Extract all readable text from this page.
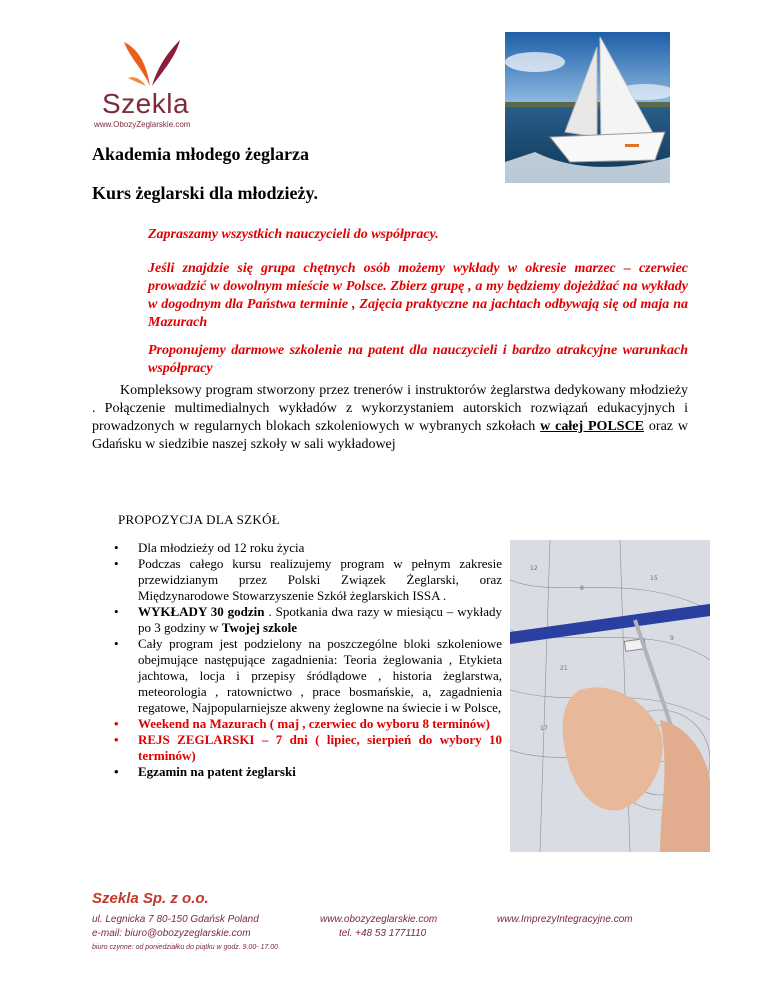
Szekla
www.ObozyZeglarskie.com
Akademia młodego żeglarza
Kurs żeglarski dla młodzieży.
Zapraszamy wszystkich nauczycieli do współpracy.
Jeśli znajdzie się grupa chętnych osób możemy wykłady w okresie marzec – czerwiec prowadzić w dowolnym mieście w Polsce. Zbierz grupę , a my będziemy dojeżdżać na wykłady w dogodnym dla Państwa terminie , Zajęcia praktyczne na jachtach odbywają się od maja na Mazurach
Proponujemy darmowe szkolenie na patent dla nauczycieli i bardzo atrakcyjne warunkach współpracy
Kompleksowy program stworzony przez trenerów i instruktorów żeglarstwa dedykowany młodzieży . Połączenie multimedialnych wykładów z wykorzystaniem autorskich rozwiązań edukacyjnych i prowadzonych w regularnych blokach szkoleniowych w wybranych szkołach w całej POLSCE oraz w Gdańsku w siedzibie naszej szkoły w sali wykładowej
PROPOZYCJA DLA SZKÓŁ
• Dla młodzieży od 12 roku życia
• Podczas całego kursu realizujemy program w pełnym zakresie przewidzianym przez Polski Związek Żeglarski, oraz Międzynarodowe Stowarzyszenie Szkół żeglarskich ISSA .
• WYKŁADY 30 godzin . Spotkania dwa razy w miesiącu – wykłady po 3 godziny w Twojej szkole
• Cały program jest podzielony na poszczególne bloki szkoleniowe obejmujące następujące zagadnienia: Teoria żeglowania , Etykieta jachtowa, locja i przepisy śródlądowe , historia żeglarstwa, meteorologia , ratownictwo , prace bosmańskie, a, zagadnienia regatowe, Najpopularniejsze akweny żeglowne na świecie i w Polsce,
• Weekend na Mazurach ( maj , czerwiec do wyboru 8 terminów)
• REJS ZEGLARSKI – 7 dni ( lipiec, sierpień do wybory 10 terminów)
• Egzamin na patent żeglarski
12
8
15
21
9
17
Szekla Sp. z o.o.
ul. Legnicka 7 80-150 Gdańsk Poland
e-mail: biuro@obozyzeglarskie.com
www.obozyzeglarskie.com
tel. +48 53 1771110
www.ImprezyIntegracyjne.com
biuro czynne: od poniedziałku do piątku w godz. 9.00- 17.00
